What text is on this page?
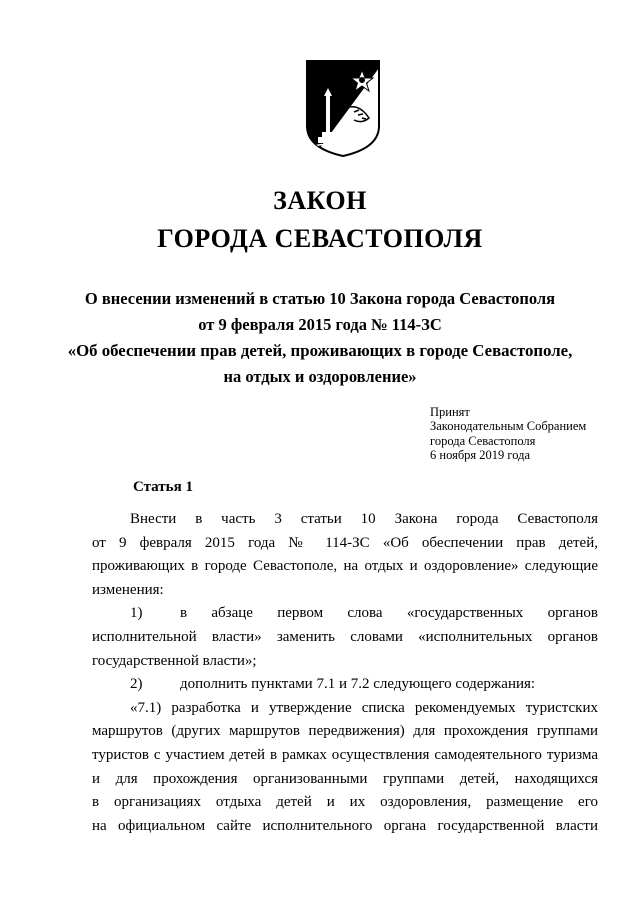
ЗАКОН
ГОРОДА СЕВАСТОПОЛЯ
О внесении изменений в статью 10 Закона города Севастополя
от 9 февраля 2015 года № 114-ЗС
«Об обеспечении прав детей, проживающих в городе Севастополе,
на отдых и оздоровление»
Принят
Законодательным Собранием
города Севастополя
6 ноября 2019 года
Статья 1
Внести в часть 3 статьи 10 Закона города Севастополя
от 9 февраля 2015 года № 114-ЗС «Об обеспечении прав детей,
проживающих в городе Севастополе, на отдых и оздоровление» следующие
изменения:
1)	в абзаце первом слова «государственных органов
исполнительной власти» заменить словами «исполнительных органов
государственной власти»;
2)	дополнить пунктами 7.1 и 7.2 следующего содержания:
«7.1) разработка и утверждение списка рекомендуемых туристских
маршрутов (других маршрутов передвижения) для прохождения группами
туристов с участием детей в рамках осуществления самодеятельного туризма
и для прохождения организованными группами детей, находящихся
в организациях отдыха детей и их оздоровления, размещение его
на официальном сайте исполнительного органа государственной власти
